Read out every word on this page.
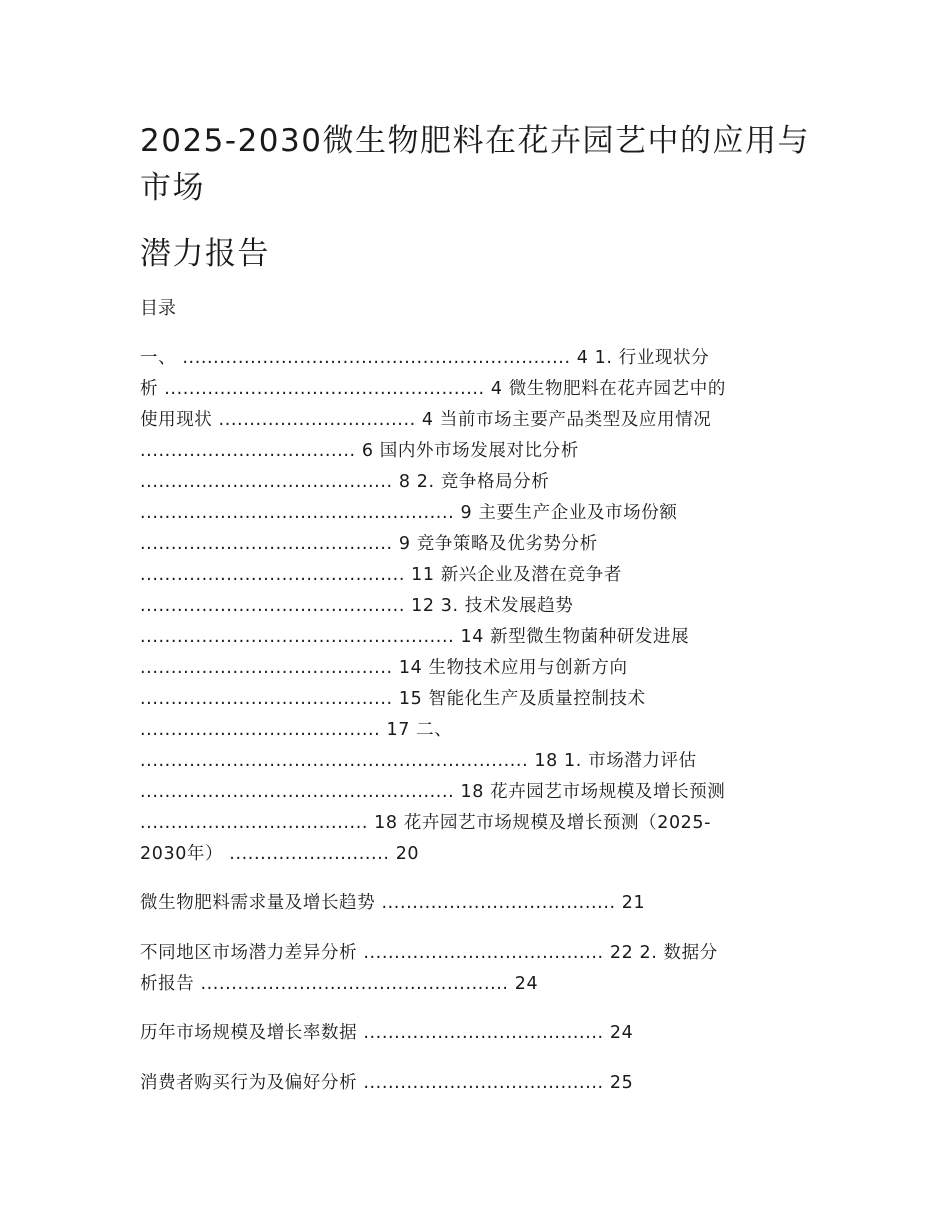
2025-2030微生物肥料在花卉园艺中的应用与
市场
潜力报告
目录
一、 ............................................................... 4 1. 行业现状分
析 .................................................... 4 微生物肥料在花卉园艺中的
使用现状 ................................ 4 当前市场主要产品类型及应用情况
................................... 6 国内外市场发展对比分析
......................................... 8 2. 竞争格局分析
................................................... 9 主要生产企业及市场份额
......................................... 9 竞争策略及优劣势分析
........................................... 11 新兴企业及潜在竞争者
........................................... 12 3. 技术发展趋势
................................................... 14 新型微生物菌种研发进展
......................................... 14 生物技术应用与创新方向
......................................... 15 智能化生产及质量控制技术
....................................... 17 二、
............................................................... 18 1. 市场潜力评估
................................................... 18 花卉园艺市场规模及增长预测
..................................... 18 花卉园艺市场规模及增长预测（2025-
2030年） .......................... 20
微生物肥料需求量及增长趋势 ...................................... 21
不同地区市场潜力差异分析 ....................................... 22 2. 数据分
析报告 .................................................. 24
历年市场规模及增长率数据 ....................................... 24
消费者购买行为及偏好分析 ....................................... 25
